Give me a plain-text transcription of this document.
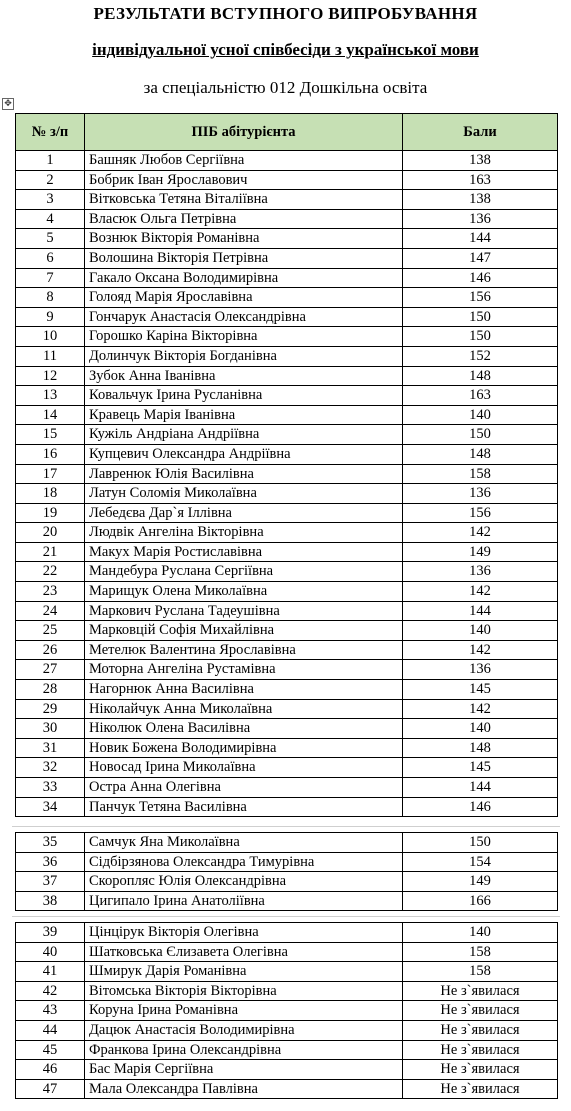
РЕЗУЛЬТАТИ ВСТУПНОГО ВИПРОБУВАННЯ
індивідуальної усної співбесіди з української мови
за спеціальністю 012 Дошкільна освіта
✥
№ з/п	ПІБ абітурієнта	Бали
1	Башняк Любов Сергіївна	138
2	Бобрик Іван Ярославович	163
3	Вітковська Тетяна Віталіївна	138
4	Власюк Ольга Петрівна	136
5	Вознюк Вікторія Романівна	144
6	Волошина Вікторія Петрівна	147
7	Гакало Оксана Володимирівна	146
8	Голояд Марія Ярославівна	156
9	Гончарук Анастасія Олександрівна	150
10	Горошко Каріна Вікторівна	150
11	Долинчук Вікторія Богданівна	152
12	Зубок Анна Іванівна	148
13	Ковальчук Ірина Русланівна	163
14	Кравець Марія Іванівна	140
15	Кужіль Андріана Андріївна	150
16	Купцевич Олександра Андріївна	148
17	Лавренюк Юлія Василівна	158
18	Латун Соломія Миколаївна	136
19	Лебедєва Дар`я Іллівна	156
20	Людвік Ангеліна Вікторівна	142
21	Макух Марія Ростиславівна	149
22	Мандебура Руслана Сергіївна	136
23	Марищук Олена Миколаївна	142
24	Маркович Руслана Тадеушівна	144
25	Марковцій Софія Михайлівна	140
26	Метелюк Валентина Ярославівна	142
27	Моторна Ангеліна Рустамівна	136
28	Нагорнюк Анна Василівна	145
29	Ніколайчук Анна Миколаївна	142
30	Ніколюк Олена Василівна	140
31	Новик Божена Володимирівна	148
32	Новосад Ірина Миколаївна	145
33	Остра Анна Олегівна	144
34	Панчук Тетяна Василівна	146
35	Самчук Яна Миколаївна	150
36	Сідбірзянова Олександра Тимурівна	154
37	Скоропляс Юлія Олександрівна	149
38	Цигипало Ірина Анатоліївна	166
39	Цінцірук Вікторія Олегівна	140
40	Шатковська Єлизавета Олегівна	158
41	Шмирук Дарія Романівна	158
42	Вітомська Вікторія Вікторівна	Не з`явилася
43	Коруна Ірина Романівна	Не з`явилася
44	Дацюк Анастасія Володимирівна	Не з`явилася
45	Франкова Ірина Олександрівна	Не з`явилася
46	Бас Марія Сергіївна	Не з`явилася
47	Мала Олександра Павлівна	Не з`явилася
